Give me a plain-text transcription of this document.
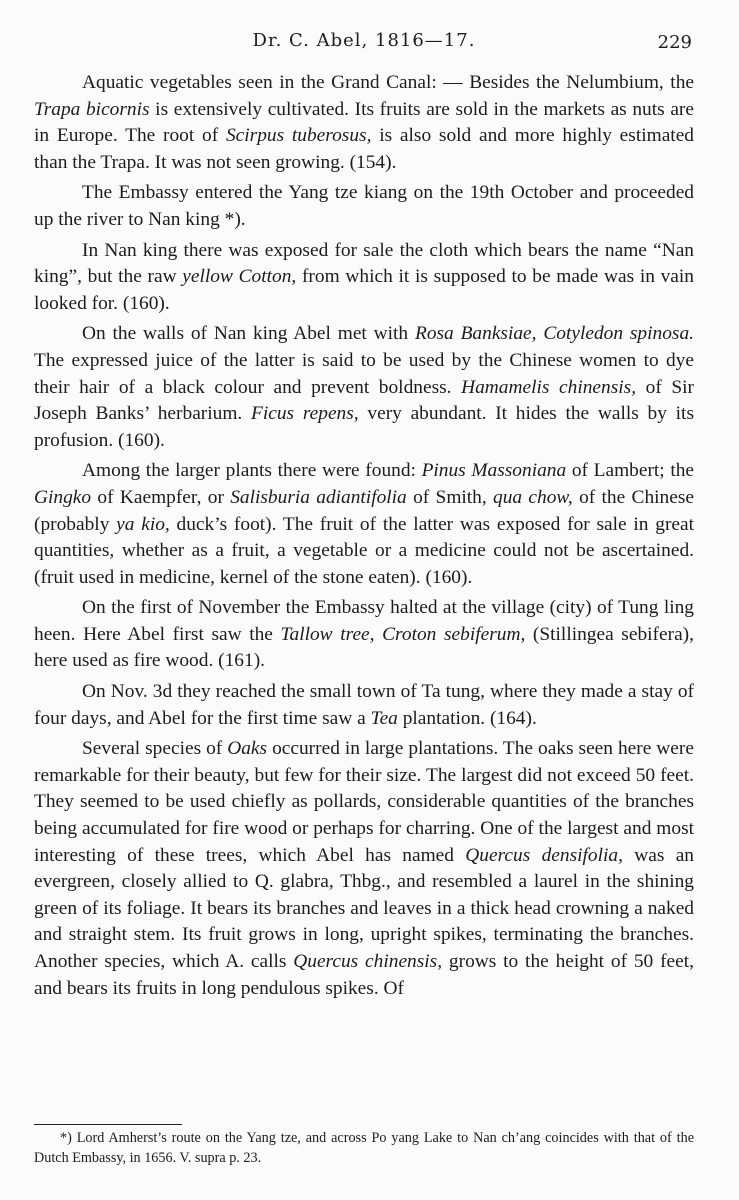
Dr. C. Abel, 1816—17.	229

Aquatic vegetables seen in the Grand Canal: — Besides the Nelumbium, the Trapa bicornis is extensively cultivated. Its fruits are sold in the markets as nuts are in Europe. The root of Scirpus tuberosus, is also sold and more highly estimated than the Trapa. It was not seen growing. (154).

The Embassy entered the Yang tze kiang on the 19th October and proceeded up the river to Nan king *).

In Nan king there was exposed for sale the cloth which bears the name “Nan king”, but the raw yellow Cotton, from which it is supposed to be made was in vain looked for. (160).

On the walls of Nan king Abel met with Rosa Banksiae, Cotyledon spinosa. The expressed juice of the latter is said to be used by the Chinese women to dye their hair of a black colour and prevent boldness. Hamamelis chinensis, of Sir Joseph Banks’ herbarium. Ficus repens, very abundant. It hides the walls by its profusion. (160).

Among the larger plants there were found: Pinus Massoniana of Lambert; the Gingko of Kaempfer, or Salisburia adiantifolia of Smith, qua chow, of the Chinese (probably ya kio, duck’s foot). The fruit of the latter was exposed for sale in great quantities, whether as a fruit, a vegetable or a medicine could not be ascertained. (fruit used in medicine, kernel of the stone eaten). (160).

On the first of November the Embassy halted at the village (city) of Tung ling heen. Here Abel first saw the Tallow tree, Croton sebiferum, (Stillingea sebifera), here used as fire wood. (161).

On Nov. 3d they reached the small town of Ta tung, where they made a stay of four days, and Abel for the first time saw a Tea plantation. (164).

Several species of Oaks occurred in large plantations. The oaks seen here were remarkable for their beauty, but few for their size. The largest did not exceed 50 feet. They seemed to be used chiefly as pollards, considerable quantities of the branches being accumulated for fire wood or perhaps for charring. One of the largest and most interesting of these trees, which Abel has named Quercus densifolia, was an evergreen, closely allied to Q. glabra, Thbg., and resembled a laurel in the shining green of its foliage. It bears its branches and leaves in a thick head crowning a naked and straight stem. Its fruit grows in long, upright spikes, terminating the branches. Another species, which A. calls Quercus chinensis, grows to the height of 50 feet, and bears its fruits in long pendulous spikes. Of

*) Lord Amherst’s route on the Yang tze, and across Po yang Lake to Nan ch’ang coincides with that of the Dutch Embassy, in 1656. V. supra p. 23.
